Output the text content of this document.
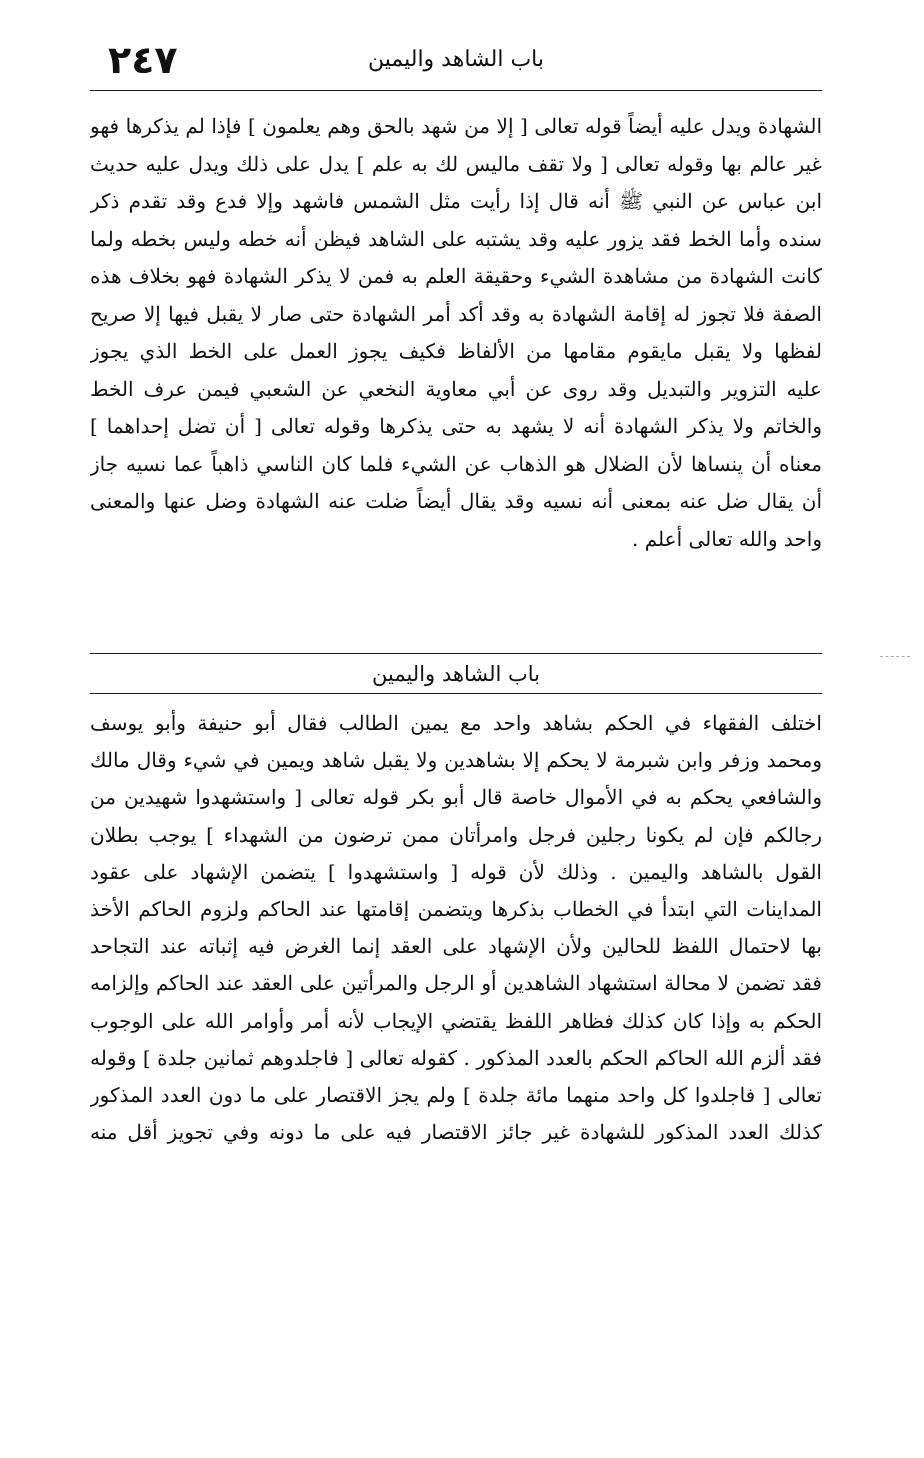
٢٤٧	باب الشاهد واليمين
الشهادة ويدل عليه أيضاً قوله تعالى [ إلا من شهد بالحق وهم يعلمون ] فإذا لم يذكرها فهو
غير عالم بها وقوله تعالى [ ولا تقف ماليس لك به علم ] يدل على ذلك ويدل عليه حديث
ابن عباس عن النبي ﷺ أنه قال إذا رأيت مثل الشمس فاشهد وإلا فدع وقد تقدم ذكر
سنده وأما الخط فقد يزور عليه وقد يشتبه على الشاهد فيظن أنه خطه وليس بخطه ولما
كانت الشهادة من مشاهدة الشيء وحقيقة العلم به فمن لا يذكر الشهادة فهو بخلاف هذه
الصفة فلا تجوز له إقامة الشهادة به وقد أكد أمر الشهادة حتى صار لا يقبل فيها إلا صريح
لفظها ولا يقبل مايقوم مقامها من الألفاظ فكيف يجوز العمل على الخط الذي يجوز
عليه التزوير والتبديل وقد روى عن أبي معاوية النخعي عن الشعبي فيمن عرف الخط
والخاتم ولا يذكر الشهادة أنه لا يشهد به حتى يذكرها وقوله تعالى [ أن تضل إحداهما ]
معناه أن ينساها لأن الضلال هو الذهاب عن الشيء فلما كان الناسي ذاهباً عما نسيه جاز
أن يقال ضل عنه بمعنى أنه نسيه وقد يقال أيضاً ضلت عنه الشهادة وضل عنها والمعنى
واحد والله تعالى أعلم .
باب الشاهد واليمين
اختلف الفقهاء في الحكم بشاهد واحد مع يمين الطالب فقال أبو حنيفة وأبو يوسف
ومحمد وزفر وابن شبرمة لا يحكم إلا بشاهدين ولا يقبل شاهد ويمين في شيء وقال مالك
والشافعي يحكم به في الأموال خاصة قال أبو بكر قوله تعالى [ واستشهدوا شهيدين من
رجالكم فإن لم يكونا رجلين فرجل وامرأتان ممن ترضون من الشهداء ] يوجب بطلان
القول بالشاهد واليمين . وذلك لأن قوله [ واستشهدوا ] يتضمن الإشهاد على عقود
المداينات التي ابتدأ في الخطاب بذكرها ويتضمن إقامتها عند الحاكم ولزوم الحاكم الأخذ
بها لاحتمال اللفظ للحالين ولأن الإشهاد على العقد إنما الغرض فيه إثباته عند التجاحد
فقد تضمن لا محالة استشهاد الشاهدين أو الرجل والمرأتين على العقد عند الحاكم وإلزامه
الحكم به وإذا كان كذلك فظاهر اللفظ يقتضي الإيجاب لأنه أمر وأوامر الله على الوجوب
فقد ألزم الله الحاكم الحكم بالعدد المذكور . كقوله تعالى [ فاجلدوهم ثمانين جلدة ] وقوله
تعالى [ فاجلدوا كل واحد منهما مائة جلدة ] ولم يجز الاقتصار على ما دون العدد المذكور
كذلك العدد المذكور للشهادة غير جائز الاقتصار فيه على ما دونه وفي تجويز أقل منه
